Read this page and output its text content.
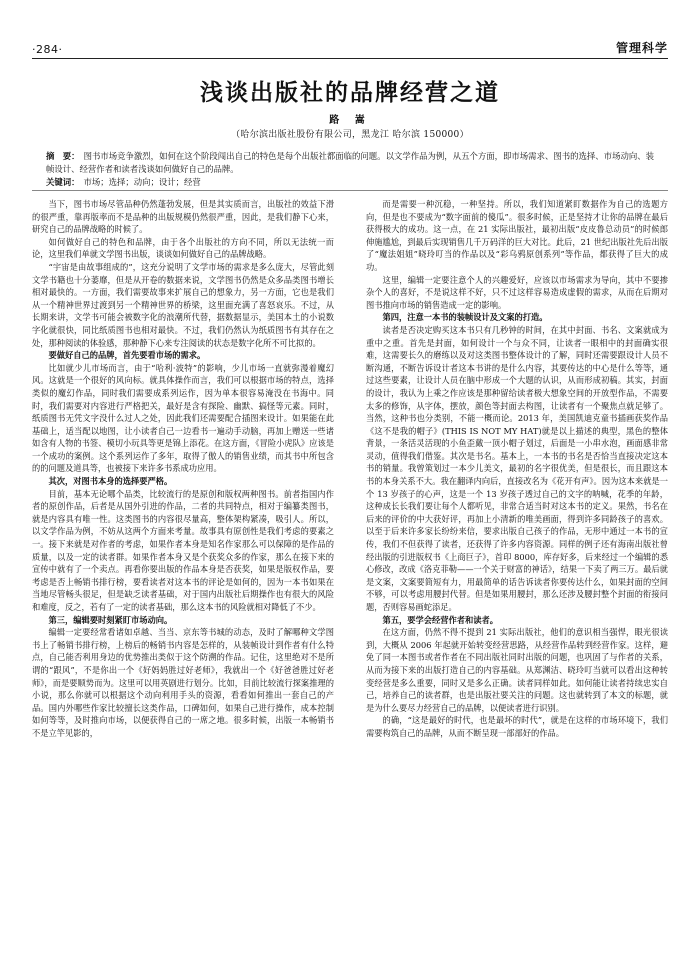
·284·	管理科学
浅谈出版社的品牌经营之道
路 嵩
（哈尔滨出版社股份有限公司，黑龙江 哈尔滨 150000）

摘　要： 图书市场竞争激烈，如何在这个阶段闯出自己的特色是每个出版社都面临的问题。以文学作品为例，从五个方面，即市场需求、图书的选择、市场动向、装帧设计、经营作者和读者浅谈如何做好自己的品牌。

关键词： 市场；选择；动向；设计；经营

当下，图书市场尽管品种仍然蓬勃发展，但是其实质而言，出版社的效益下滑的很严重，靠再版率而不是品种的出版规模仍然很严重，因此，是我们静下心来，研究自己的品牌战略的时候了。

如何做好自己的特色和品牌，由于各个出版社的方向不同，所以无法统一而论，这里我们单就文学图书出版，谈谈如何做好自己的品牌战略。

“宇宙是由故事组成的”，这充分说明了文学市场的需求是多么庞大，尽管此刻文学书籍也十分萎靡，但是从开卷的数据来说，文学图书仍然是众多品类图书增长相对最快的。一方面，我们需要故事来扩展自己的想象力，另一方面，它也是我们从一个精神世界过渡到另一个精神世界的桥梁，这里面充满了喜怒哀乐。不过，从长期来讲，文学书可能会被数字化的浪潮所代替，据数据显示，美国本土的小说数字化就很快，同比纸质图书也相对最快。不过，我们仍然认为纸质图书有其存在之处，那种阅读的体验感，那种静下心来专注阅读的状态是数字化所不可比拟的。

要做好自己的品牌，首先要看市场的需求。

比如就少儿市场而言，由于“哈利·波特”的影响，少儿市场一直就弥漫着魔幻风。这就是一个很好的风向标。就具体操作而言，我们可以根据市场的特点，选择类似的魔幻作品，同时我们需要成系列运作，因为单本很容易淹没在书海中。同时，我们需要对内容进行严格把关，最好是含有探险、幽默、搞怪等元素。同时，纸质图书无凭文字没什么过人之处，因此我们还需要配合插图来设计。如果能在此基础上，适当配以地图，让小读者自己一边看书一遍动手动脑，再加上赠送一些诸如含有人物的书签、模切小玩具等更是锦上添花。在这方面，《冒险小虎队》应该是一个成功的案例。这个系列运作了多年，取得了傲人的销售业绩，而其书中所包含的的问题及道具等，也被接下来许多书系成功应用。

其次，对图书本身的选择要严格。

目前，基本无论哪个品类，比较流行的是原创和版权两种图书。前者指国内作者的原创作品，后者是从国外引进的作品，二者的共同特点，相对于编纂类图书，就是内容具有唯一性。这类图书的内容很尽量高，整体架构紧凑，吸引人。所以，以文学作品为例，不妨从这两个方面来考量。故事具有原创性是我们考虑的要素之一。接下来就是对作者的考虑，如果作者本身是知名作家那么可以保障的是作品的质量，以及一定的读者群。如果作者本身又是个获奖众多的作家，那么在接下来的宣传中就有了一个卖点。再看你要出版的作品本身是否获奖，如果是版权作品，要考虑是否上畅销书排行榜，要看读者对这本书的评论是如何的，因为一本书如果在当地尽管畅头很足，但是缺乏读者基础，对于国内出版社后期操作也有很大的风险和难度，反之，若有了一定的读者基础，那么这本书的风险就相对降低了不少。

第三，编辑要时刻紧盯市场动向。

编辑一定要经常看诸如卓越、当当、京东等书城的动态，及时了解哪种文学图书上了畅销书排行榜，上榜后的畅销书内容是怎样的，从装帧设计到作者有什么特点，自己能否利用身边的优势推出类似于这个防溯的作品。记住，这里绝对不是所谓的“跟风”，不是你出一个《好妈妈胜过好老师》，我就出一个《好爸爸胜过好老师》，而是要顺势而为。这里可以用英剧进行划分。比如，目前比较流行探案推理的小说，那么你就可以根据这个动向利用手头的资源，看看如何推出一套自己的产品。国内外哪些作家比较擅长这类作品，口碑如何，如果自己进行操作，成本控制如何等等，及时推向市场，以便获得自己的一席之地。很多时候，出版一本畅销书不是立竿见影的，

而是需要一种沉稳，一种坚持。所以，我们知道紧盯数据作为自己的选题方向，但是也不要成为“数字面前的傻瓜”。很多时候，正是坚持才让你的品牌在最后获得极大的成功。这一点，在 21 实际出版社，最初出版“皮皮鲁总动员”的时候郎伸施尴尬，到最后实现销售几千万码洋的巨大对比。此后，21 世纪出版社先后出版了“魔法姐姐”晓玲叮当的作品以及“彩乌鸦原创系列”等作品，都获得了巨大的成功。

这里，编辑一定要注意个人的兴趣爱好，应该以市场需求为导向，其中不要掺杂个人的喜好，不是说这样不好，只不过这样容易造成虚假的需求，从而在后期对图书推向市场的销售造成一定的影响。

第四，注意一本书的装帧设计及文案的打造。

读者是否决定购买这本书只有几秒钟的时间，在其中封面、书名、文案就成为重中之重。首先是封面，如何设计一个与众不同，让读者一眼相中的封面确实很难，这需要长久的磨练以及对这类图书整体设计的了解，同时还需要跟设计人员不断沟通，不断告诉设计者这本书讲的是什么内容，其要传达的中心是什么等等，通过这些要素，让设计人员在脑中形成一个大题的认识，从而形成初稿。其实，封面的设计，我认为上乘之作应该是那种留给读者极大想象空间的开放型作品，不需要太多的修饰，从字体，摆放，颜色等封面去构图，让读者有一个聚焦点就足够了。当然，这种书也分类别，不能一概而论。2013 年，美国凯迪克童书插画获奖作品《这不是我的帽子》(THIS IS NOT MY HAT)就是以上描述的典型，黑色的整体背景，一条活灵活现的小鱼歪戴一顶小帽子划过，后面是一小串水泡，画面感非常灵动，值得我们借鉴。其次是书名。基本上，一本书的书名是否恰当直接决定这本书的销量。我曾策划过一本少儿美文，最初的名字很优美，但是很长，而且跟这本书的本身关系不大。我在翻译内向后，直接改名为《花开有声》。因为这本来就是一个 13 岁孩子的心声，这是一个 13 岁孩子透过自己的文字的呐喊，花季的年龄，这种成长长我们要让每个人都听见，非常合适当时对这本书的定义。果然，书名在后来的评价的中大获好评，再加上小清新的唯美画面，得到许多同龄孩子的喜欢。以至于后来许多家长纷纷来信，要求出版自己孩子的作品，无形中通过一本书的宣传，我们不但获得了读者，还获得了许多内容资源。同样的例子还有海南出版社曾经出版的引进版权书《上商巨子》，首印 8000，库存好多，后来经过一个编辑的悉心修改，改成《洛克菲勒——一个关于财富的神话》，结果一下卖了两三万。最后就是文案，文案要简短有力，用最简单的话告诉读者你要传达什么，如果封面的空间不够，可以考虑用腰封代替。但是如果用腰封，那么还涉及腰封整个封面的衔接问题，否则容易画蛇添足。

第五，要学会经营作者和读者。

在这方面，仍然不得不提到 21 实际出版社，他们的意识相当强悍，眼光很读到，大概从 2006 年起就开始转变经营思路，从经营作品转到经营作家。这样，避免了同一本图书或者作者在不同出版社同时出版的问题，也巩固了与作者的关系，从而为接下来的出版打造自己的内容基础。从郑渊洁、晓玲叮当就可以看出这种转变经营是多么重要，同时又是多么正确。读者同样如此。如何能让读者持续忠实自己，培养自己的读者群，也是出版社要关注的问题。这也就转到了本文的标题，就是为什么要尽力经营自己的品牌，以便读者进行识别。

的确，“这是最好的时代，也是最坏的时代”，就是在这样的市场环境下，我们需要构筑自己的品牌，从而不断呈现一部部好的作品。
